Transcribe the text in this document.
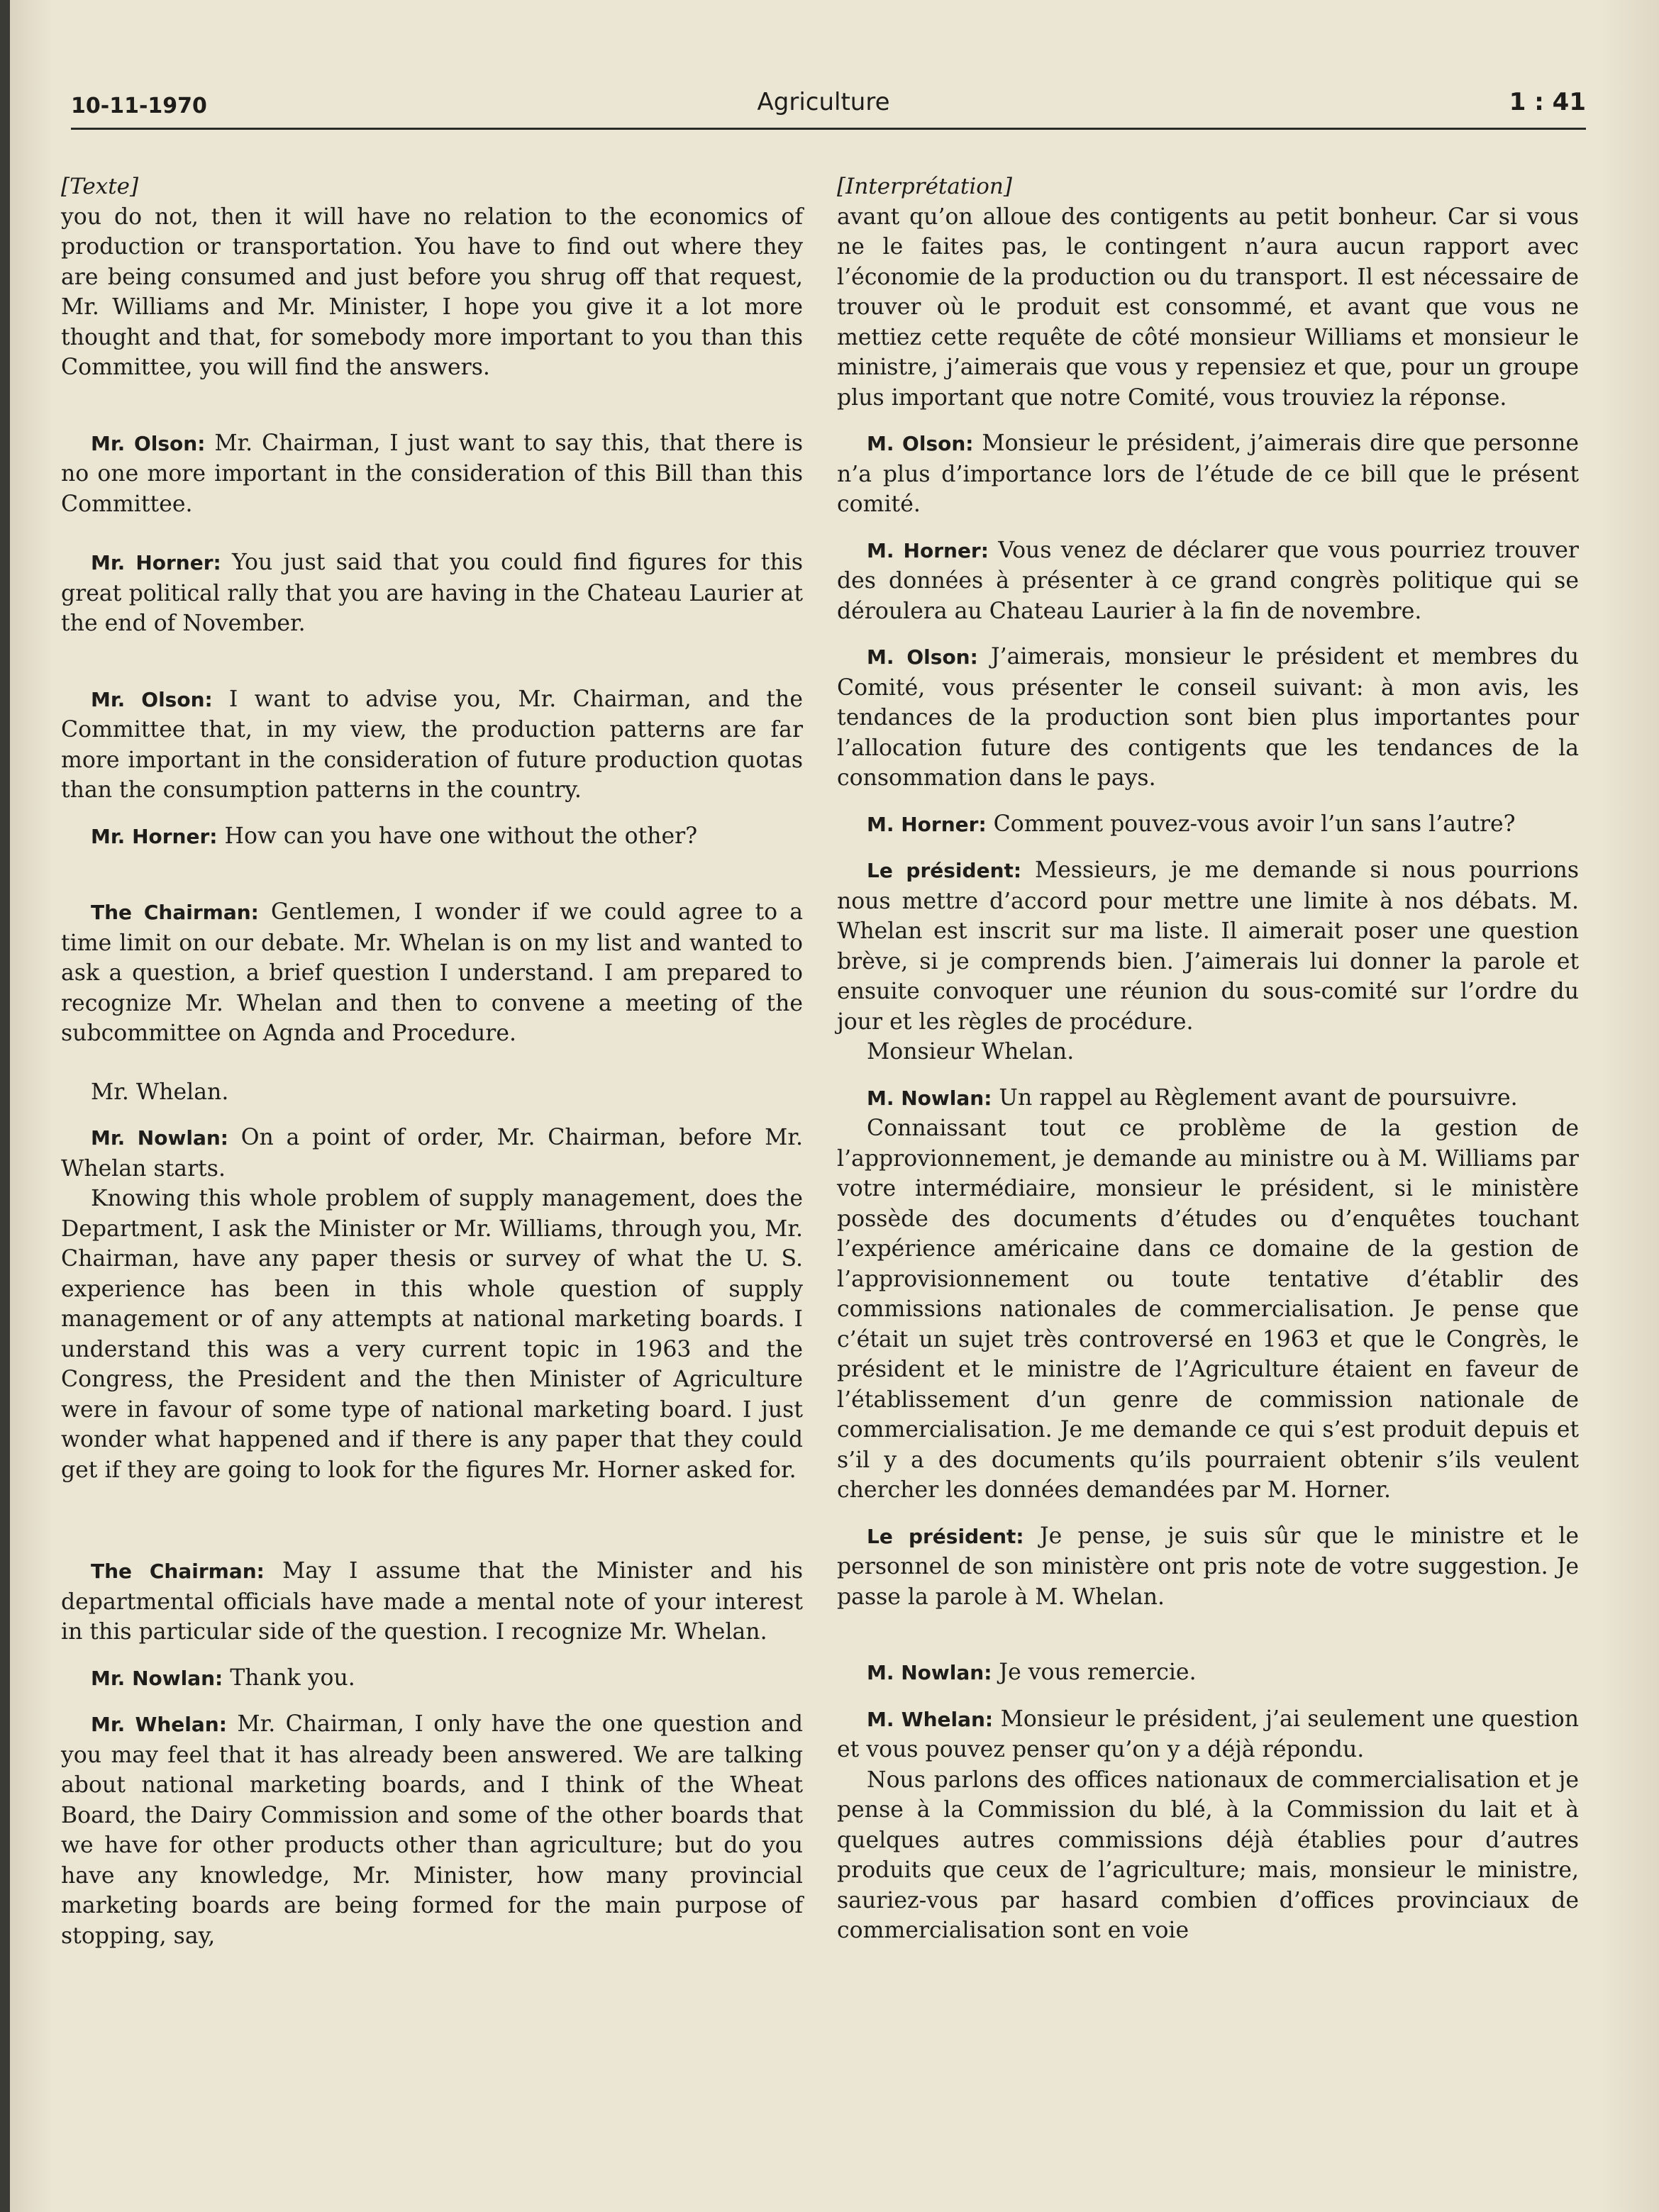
10-11-1970	Agriculture	1 : 41

[Texte]

you do not, then it will have no relation to the economics of production or transportation. You have to find out where they are being consumed and just before you shrug off that request, Mr. Williams and Mr. Minister, I hope you give it a lot more thought and that, for somebody more important to you than this Committee, you will find the answers.

Mr. Olson: Mr. Chairman, I just want to say this, that there is no one more important in the consideration of this Bill than this Committee.

Mr. Horner: You just said that you could find figures for this great political rally that you are having in the Chateau Laurier at the end of November.

Mr. Olson: I want to advise you, Mr. Chairman, and the Committee that, in my view, the production patterns are far more important in the consideration of future production quotas than the consumption patterns in the country.

Mr. Horner: How can you have one without the other?

The Chairman: Gentlemen, I wonder if we could agree to a time limit on our debate. Mr. Whelan is on my list and wanted to ask a question, a brief question I understand. I am prepared to recognize Mr. Whelan and then to convene a meeting of the subcommittee on Agnda and Procedure.

Mr. Whelan.

Mr. Nowlan: On a point of order, Mr. Chairman, before Mr. Whelan starts.

Knowing this whole problem of supply management, does the Department, I ask the Minister or Mr. Williams, through you, Mr. Chairman, have any paper thesis or survey of what the U. S. experience has been in this whole question of supply management or of any attempts at national marketing boards. I understand this was a very current topic in 1963 and the Congress, the President and the then Minister of Agriculture were in favour of some type of national marketing board. I just wonder what happened and if there is any paper that they could get if they are going to look for the figures Mr. Horner asked for.

The Chairman: May I assume that the Minister and his departmental officials have made a mental note of your interest in this particular side of the question. I recognize Mr. Whelan.

Mr. Nowlan: Thank you.

Mr. Whelan: Mr. Chairman, I only have the one question and you may feel that it has already been answered. We are talking about national marketing boards, and I think of the Wheat Board, the Dairy Commission and some of the other boards that we have for other products other than agriculture; but do you have any knowledge, Mr. Minister, how many provincial marketing boards are being formed for the main purpose of stopping, say,

[Interprétation]

avant qu’on alloue des contigents au petit bonheur. Car si vous ne le faites pas, le contingent n’aura aucun rapport avec l’économie de la production ou du transport. Il est nécessaire de trouver où le produit est consommé, et avant que vous ne mettiez cette requête de côté monsieur Williams et monsieur le ministre, j’aimerais que vous y repensiez et que, pour un groupe plus important que notre Comité, vous trouviez la réponse.

M. Olson: Monsieur le président, j’aimerais dire que personne n’a plus d’importance lors de l’étude de ce bill que le présent comité.

M. Horner: Vous venez de déclarer que vous pourriez trouver des données à présenter à ce grand congrès politique qui se déroulera au Chateau Laurier à la fin de novembre.

M. Olson: J’aimerais, monsieur le président et membres du Comité, vous présenter le conseil suivant: à mon avis, les tendances de la production sont bien plus importantes pour l’allocation future des contigents que les tendances de la consommation dans le pays.

M. Horner: Comment pouvez-vous avoir l’un sans l’autre?

Le président: Messieurs, je me demande si nous pourrions nous mettre d’accord pour mettre une limite à nos débats. M. Whelan est inscrit sur ma liste. Il aimerait poser une question brève, si je comprends bien. J’aimerais lui donner la parole et ensuite convoquer une réunion du sous-comité sur l’ordre du jour et les règles de procédure.

Monsieur Whelan.

M. Nowlan: Un rappel au Règlement avant de poursuivre.

Connaissant tout ce problème de la gestion de l’approvionnement, je demande au ministre ou à M. Williams par votre intermédiaire, monsieur le président, si le ministère possède des documents d’études ou d’enquêtes touchant l’expérience américaine dans ce domaine de la gestion de l’approvisionnement ou toute tentative d’établir des commissions nationales de commercialisation. Je pense que c’était un sujet très controversé en 1963 et que le Congrès, le président et le ministre de l’Agriculture étaient en faveur de l’établissement d’un genre de commission nationale de commercialisation. Je me demande ce qui s’est produit depuis et s’il y a des documents qu’ils pourraient obtenir s’ils veulent chercher les données demandées par M. Horner.

Le président: Je pense, je suis sûr que le ministre et le personnel de son ministère ont pris note de votre suggestion. Je passe la parole à M. Whelan.

M. Nowlan: Je vous remercie.

M. Whelan: Monsieur le président, j’ai seulement une question et vous pouvez penser qu’on y a déjà répondu.

Nous parlons des offices nationaux de commercialisation et je pense à la Commission du blé, à la Commission du lait et à quelques autres commissions déjà établies pour d’autres produits que ceux de l’agriculture; mais, monsieur le ministre, sauriez-vous par hasard combien d’offices provinciaux de commercialisation sont en voie
